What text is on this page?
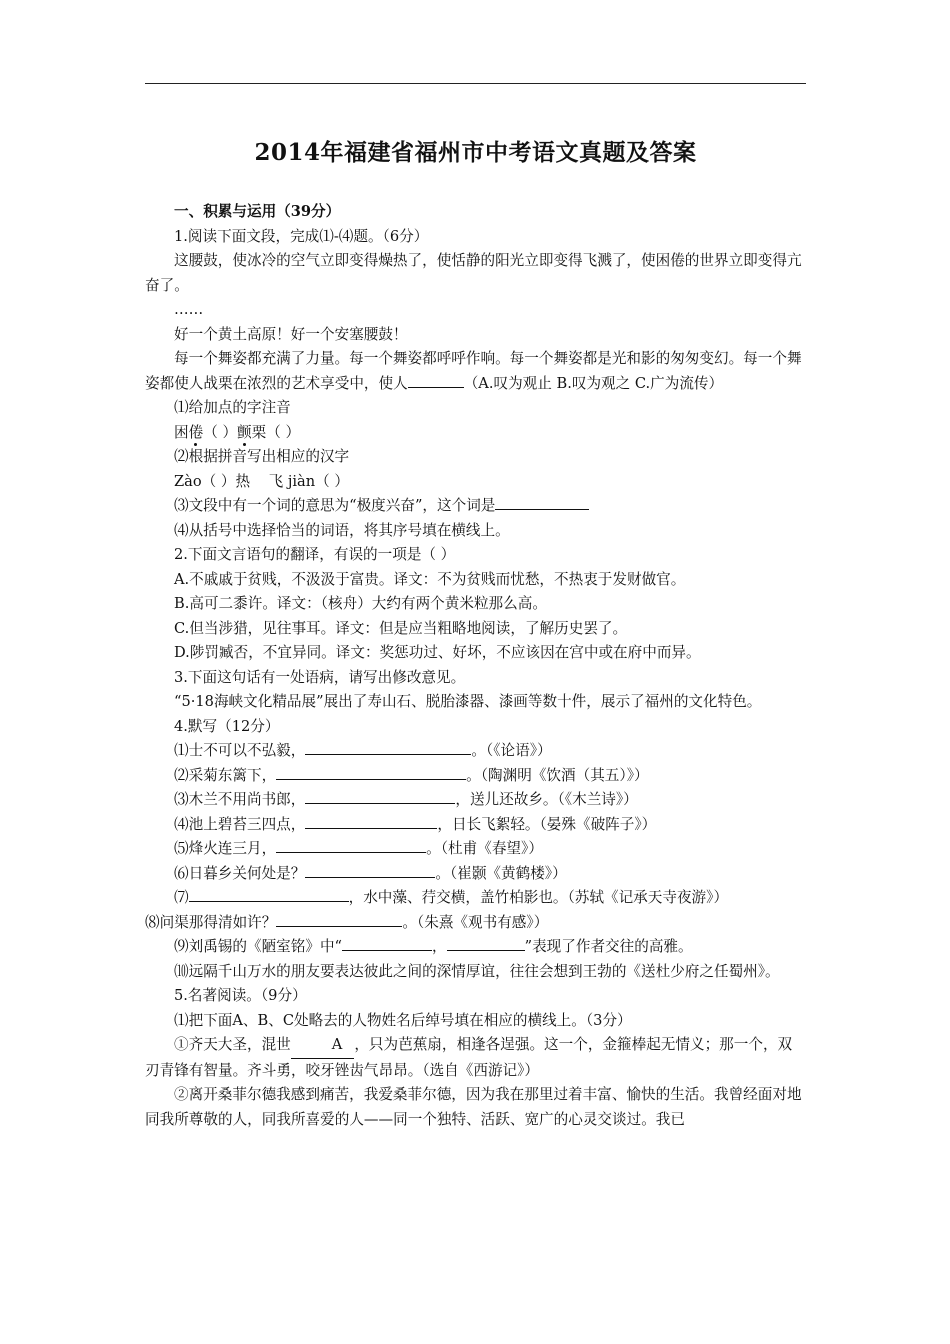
2014年福建省福州市中考语文真题及答案

一、积累与运用（39分）

1.阅读下面文段，完成⑴-⑷题。（6分）

这腰鼓，使冰冷的空气立即变得燥热了，使恬静的阳光立即变得飞溅了，使困倦的世界立即变得亢奋了。

……

好一个黄土高原！好一个安塞腰鼓！

每一个舞姿都充满了力量。每一个舞姿都呼呼作响。每一个舞姿都是光和影的匆匆变幻。每一个舞姿都使人战栗在浓烈的艺术享受中，使人	（A.叹为观止 B.叹为观之 C.广为流传）

⑴给加点的字注音

困倦（ ）颤栗（ ）

⑵根据拼音写出相应的汉字

Zào（ ）热 飞 jiàn（ ）

⑶文段中有一个词的意思为“极度兴奋”，这个词是

⑷从括号中选择恰当的词语，将其序号填在横线上。

2.下面文言语句的翻译，有误的一项是（ ）

A.不戚戚于贫贱，不汲汲于富贵。译文：不为贫贱而忧愁，不热衷于发财做官。

B.高可二黍许。译文：（核舟）大约有两个黄米粒那么高。

C.但当涉猎，见往事耳。译文：但是应当粗略地阅读，了解历史罢了。

D.陟罚臧否，不宜异同。译文：奖惩功过、好坏，不应该因在宫中或在府中而异。

3.下面这句话有一处语病，请写出修改意见。

“5·18海峡文化精品展”展出了寿山石、脱胎漆器、漆画等数十件，展示了福州的文化特色。

4.默写（12分）

⑴士不可以不弘毅，	。（《论语》）

⑵采菊东篱下，	。（陶渊明《饮酒（其五）》）

⑶木兰不用尚书郎，	，送儿还故乡。（《木兰诗》）

⑷池上碧苔三四点，	，日长飞絮轻。（晏殊《破阵子》）

⑸烽火连三月，	。（杜甫《春望》）

⑹日暮乡关何处是？	。（崔颢《黄鹤楼》）

⑺	，水中藻、荇交横，盖竹柏影也。（苏轼《记承天寺夜游》）

⑻问渠那得清如许？	。（朱熹《观书有感》）

⑼刘禹锡的《陋室铭》中“	，	”表现了作者交往的高雅。

⑽远隔千山万水的朋友要表达彼此之间的深情厚谊，往往会想到王勃的《送杜少府之任蜀州》。

5.名著阅读。（9分）

⑴把下面A、B、C处略去的人物姓名后绰号填在相应的横线上。（3分）

①齐天大圣，混世	A ，只为芭蕉扇，相逢各逞强。这一个，金箍棒起无情义；那一个，双刃青锋有智量。齐斗勇，咬牙锉齿气昂昂。（选自《西游记》）

②离开桑菲尔德我感到痛苦，我爱桑菲尔德，因为我在那里过着丰富、愉快的生活。我曾经面对地同我所尊敬的人，同我所喜爱的人——同一个独特、活跃、宽广的心灵交谈过。我已
